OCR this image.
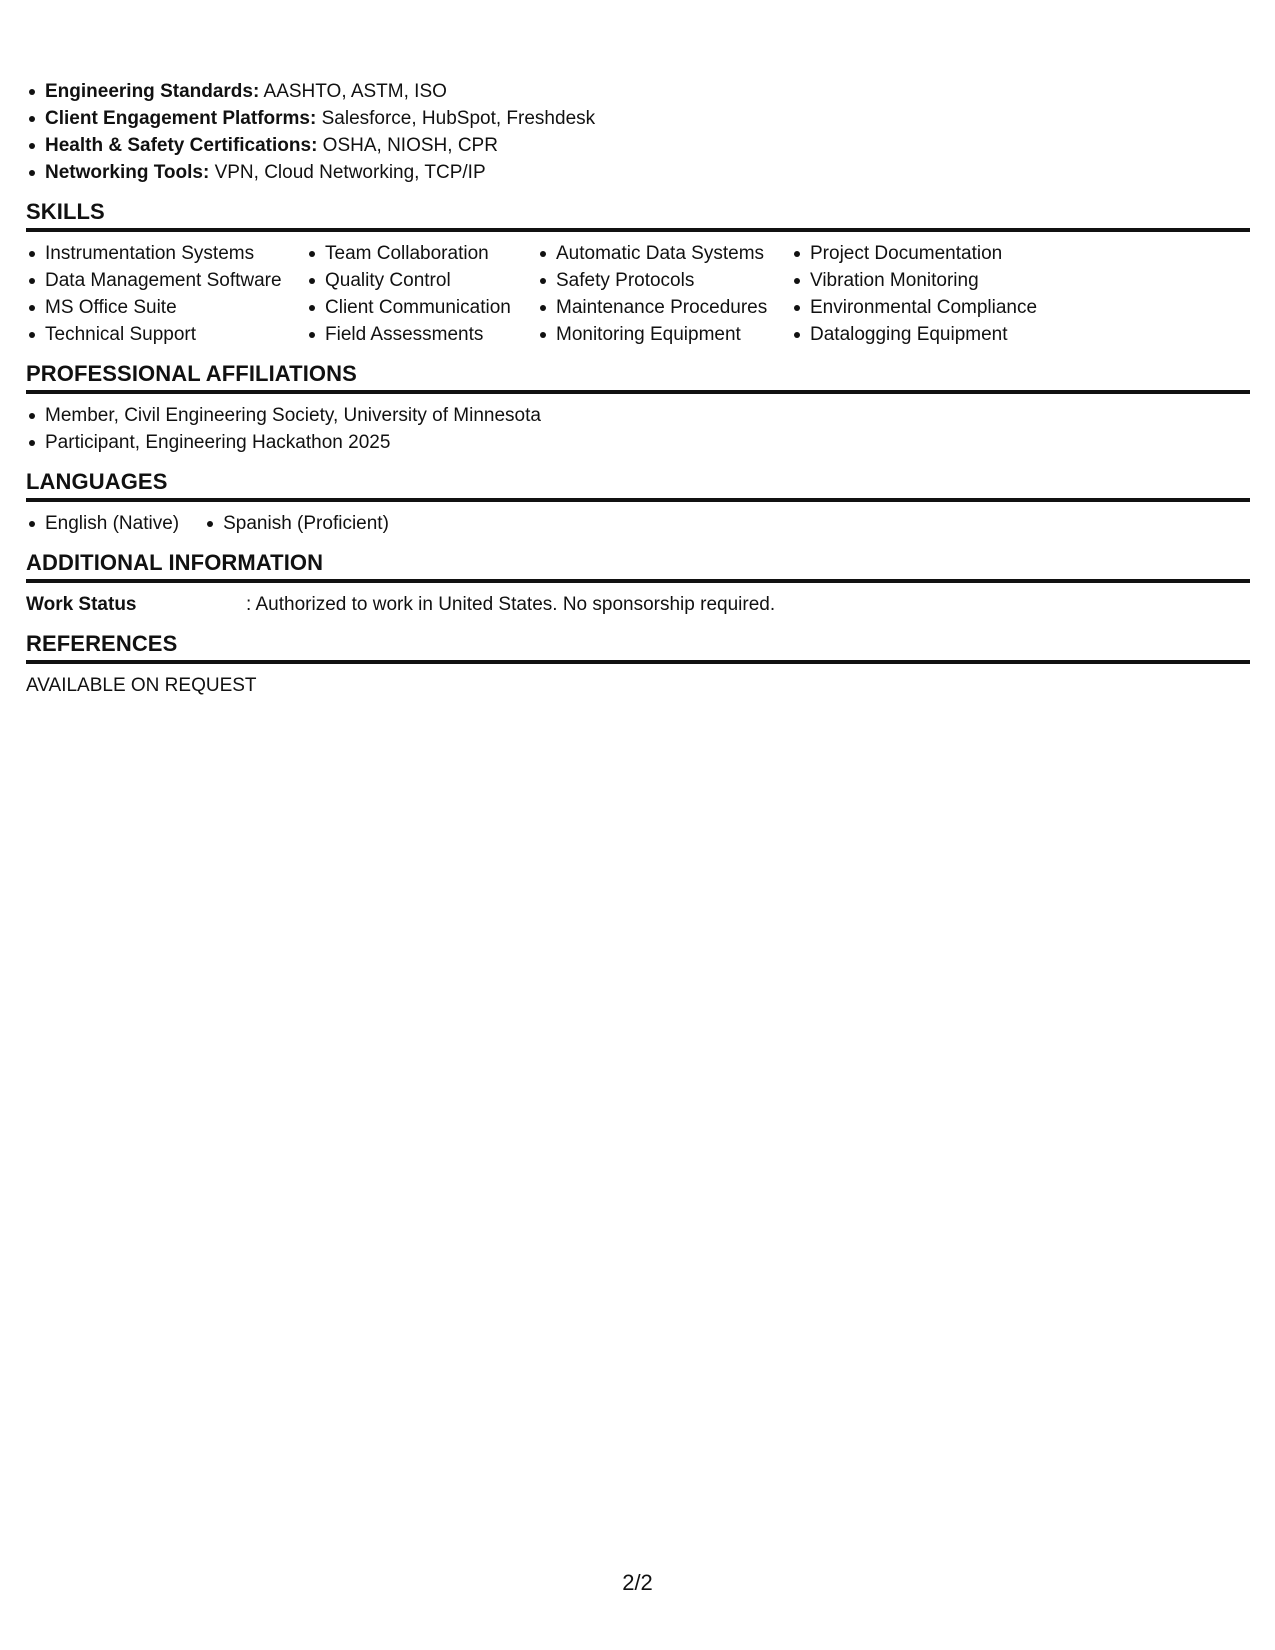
Engineering Standards: AASHTO, ASTM, ISO
Client Engagement Platforms: Salesforce, HubSpot, Freshdesk
Health & Safety Certifications: OSHA, NIOSH, CPR
Networking Tools: VPN, Cloud Networking, TCP/IP
SKILLS
Instrumentation Systems
Data Management Software
MS Office Suite
Technical Support
Team Collaboration
Quality Control
Client Communication
Field Assessments
Automatic Data Systems
Safety Protocols
Maintenance Procedures
Monitoring Equipment
Project Documentation
Vibration Monitoring
Environmental Compliance
Datalogging Equipment
PROFESSIONAL AFFILIATIONS
Member, Civil Engineering Society, University of Minnesota
Participant, Engineering Hackathon 2025
LANGUAGES
English (Native)	Spanish (Proficient)
ADDITIONAL INFORMATION
Work Status	: Authorized to work in United States. No sponsorship required.
REFERENCES
AVAILABLE ON REQUEST
2/2
